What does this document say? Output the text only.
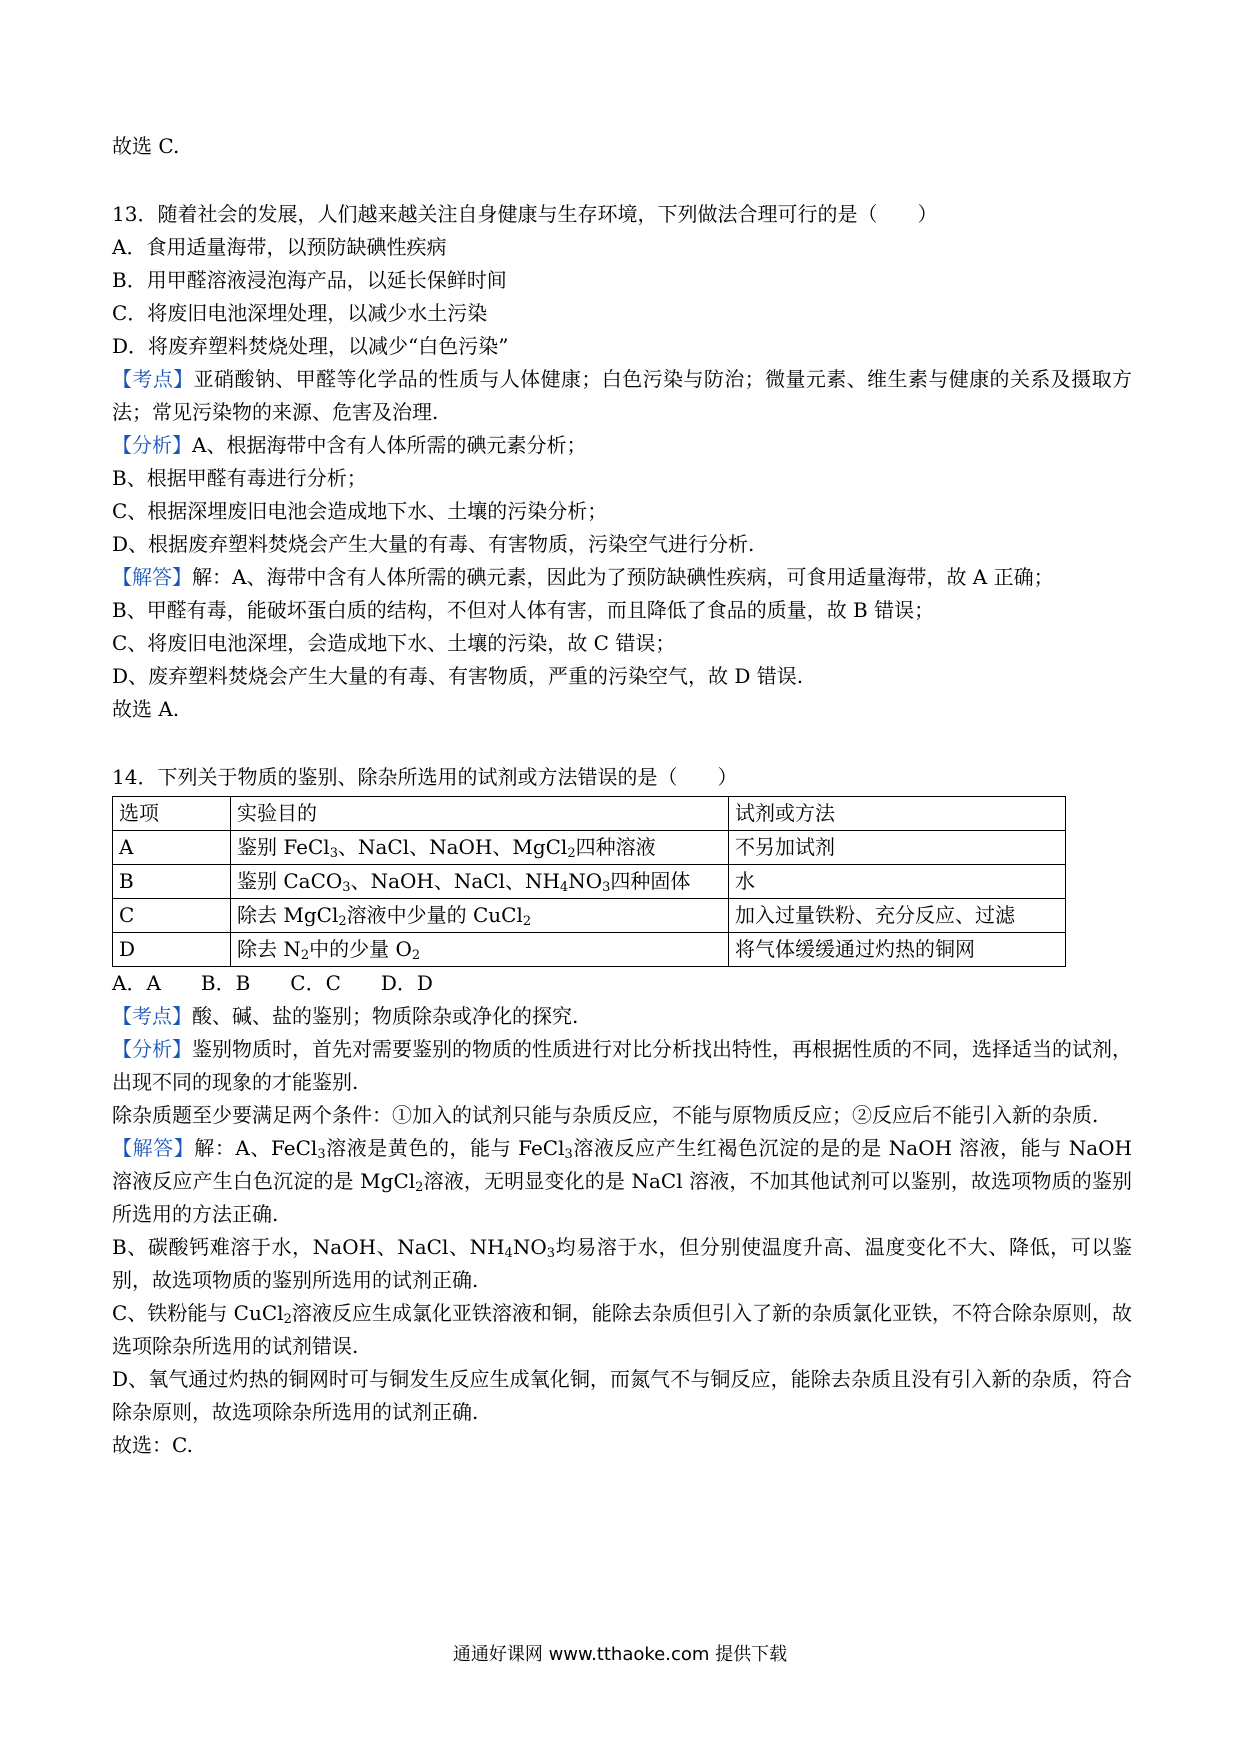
故选 C.
13．随着社会的发展，人们越来越关注自身健康与生存环境，下列做法合理可行的是（　　）
A．食用适量海带，以预防缺碘性疾病
B．用甲醛溶液浸泡海产品，以延长保鲜时间
C．将废旧电池深埋处理，以减少水土污染
D．将废弃塑料焚烧处理，以减少“白色污染”
【考点】亚硝酸钠、甲醛等化学品的性质与人体健康；白色污染与防治；微量元素、维生素与健康的关系及摄取方法；常见污染物的来源、危害及治理.
【分析】A、根据海带中含有人体所需的碘元素分析；
B、根据甲醛有毒进行分析；
C、根据深埋废旧电池会造成地下水、土壤的污染分析；
D、根据废弃塑料焚烧会产生大量的有毒、有害物质，污染空气进行分析.
【解答】解：A、海带中含有人体所需的碘元素，因此为了预防缺碘性疾病，可食用适量海带，故 A 正确；
B、甲醛有毒，能破坏蛋白质的结构，不但对人体有害，而且降低了食品的质量，故 B 错误；
C、将废旧电池深埋，会造成地下水、土壤的污染，故 C 错误；
D、废弃塑料焚烧会产生大量的有毒、有害物质，严重的污染空气，故 D 错误.
故选 A.
14．下列关于物质的鉴别、除杂所选用的试剂或方法错误的是（　　）
选项	实验目的	试剂或方法
A	鉴别 FeCl$_3$、NaCl、NaOH、MgCl$_2$四种溶液	不另加试剂
B	鉴别 CaCO$_3$、NaOH、NaCl、$NH_4NO_3$四种固体	水
C	除去 MgCl$_2$溶液中少量的 CuCl$_2$	加入过量铁粉、充分反应、过滤
D	除去 $N_2$中的少量 $O_2$	将气体缓缓通过灼热的铜网
A．A　　B．B　　C．C　　D．D
【考点】酸、碱、盐的鉴别；物质除杂或净化的探究.
【分析】鉴别物质时，首先对需要鉴别的物质的性质进行对比分析找出特性，再根据性质的不同，选择适当的试剂，出现不同的现象的才能鉴别.
除杂质题至少要满足两个条件：①加入的试剂只能与杂质反应，不能与原物质反应；②反应后不能引入新的杂质.
【解答】解：A、FeCl$_3$溶液是黄色的，能与 FeCl$_3$溶液反应产生红褐色沉淀的是的是 NaOH 溶液，能与 NaOH 溶液反应产生白色沉淀的是 MgCl$_2$溶液，无明显变化的是 NaCl 溶液，不加其他试剂可以鉴别，故选项物质的鉴别所选用的方法正确.
B、碳酸钙难溶于水，NaOH、NaCl、$NH_4NO_3$均易溶于水，但分别使温度升高、温度变化不大、降低，可以鉴别，故选项物质的鉴别所选用的试剂正确.
C、铁粉能与 CuCl$_2$溶液反应生成氯化亚铁溶液和铜，能除去杂质但引入了新的杂质氯化亚铁，不符合除杂原则，故选项除杂所选用的试剂错误.
D、氧气通过灼热的铜网时可与铜发生反应生成氧化铜，而氮气不与铜反应，能除去杂质且没有引入新的杂质，符合除杂原则，故选项除杂所选用的试剂正确.
故选：C.
通通好课网 www.tthaoke.com 提供下载
